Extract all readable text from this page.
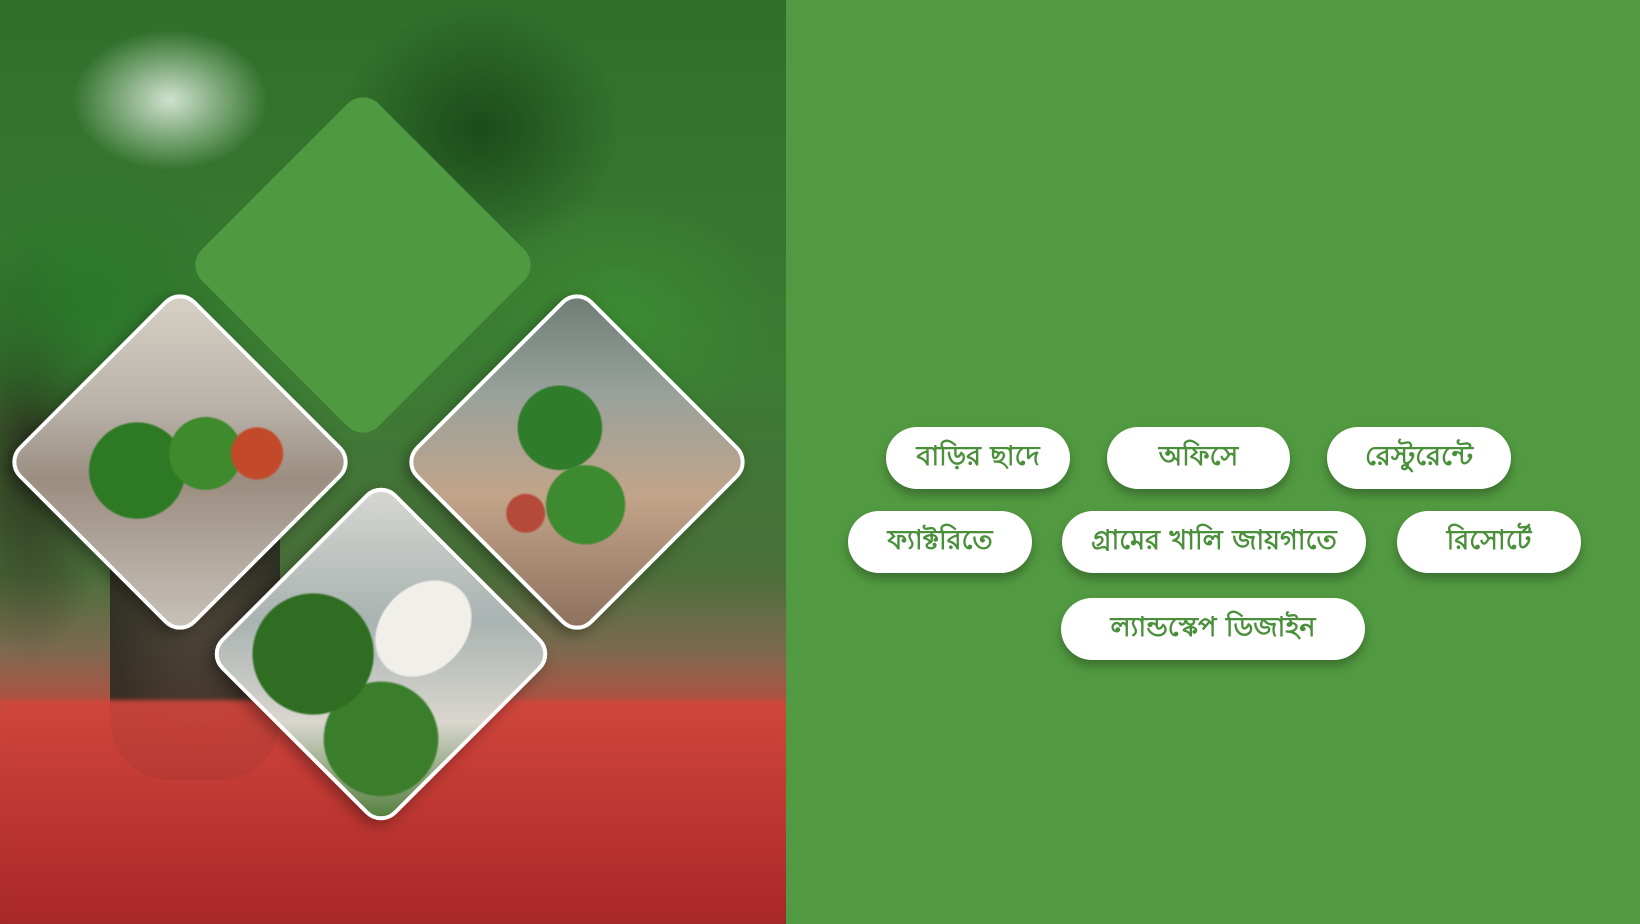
বাড়ির ছাদে	অফিসে	রেস্টুরেন্টে
ফ্যাক্টরিতে	গ্রামের খালি জায়গাতে	রিসোর্টে
ল্যান্ডস্কেপ ডিজাইন
